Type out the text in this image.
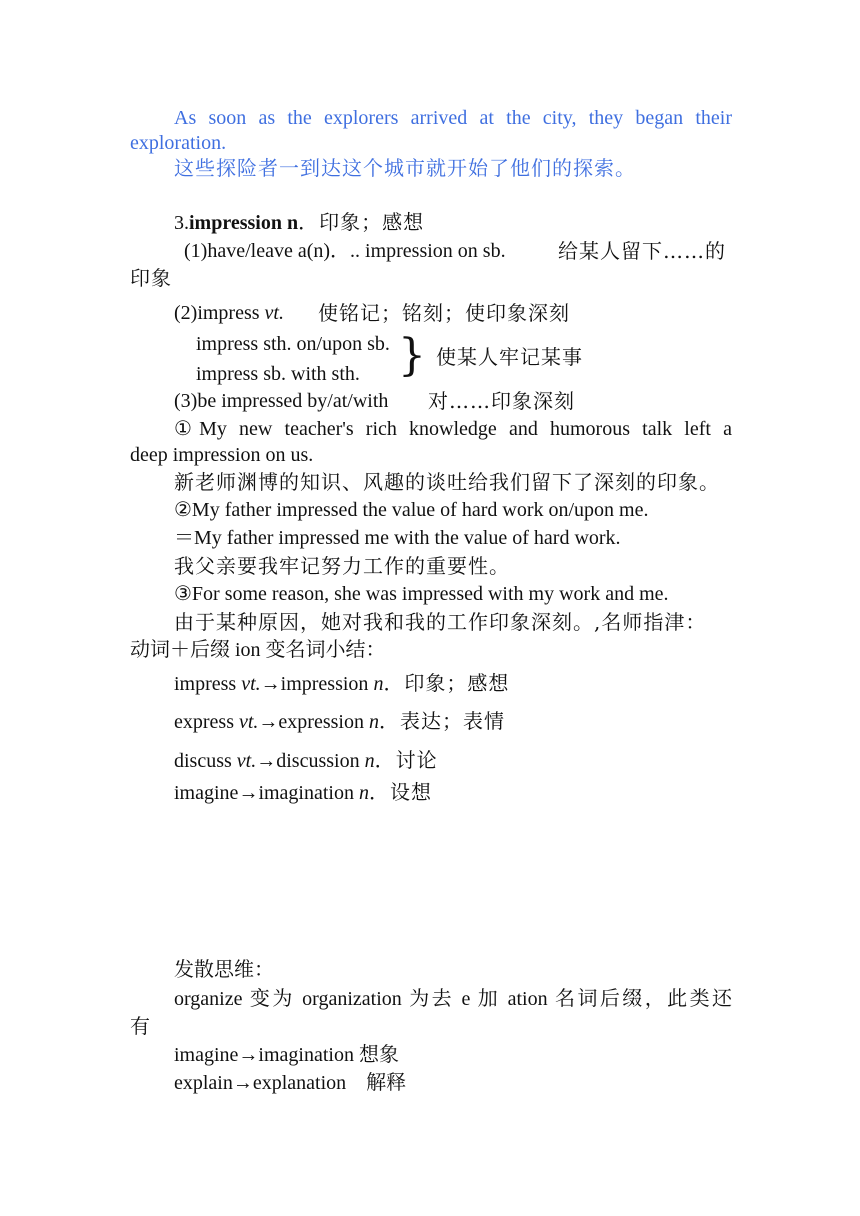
As soon as the explorers arrived at the city, they began their
exploration.
这些探险者一到达这个城市就开始了他们的探索。
3.impression n．印象；感想
(1)have/leave a(n)．.. impression on sb.	给某人留下……的
印象
(2)impress vt. 使铭记；铭刻；使印象深刻
impress sth. on/upon sb.
impress sb. with sth. } 使某人牢记某事
(3)be impressed by/at/with 对……印象深刻
①My new teacher's rich knowledge and humorous talk left a
deep impression on us.
新老师渊博的知识、风趣的谈吐给我们留下了深刻的印象。
②My father impressed the value of hard work on/upon me.
＝My father impressed me with the value of hard work.
我父亲要我牢记努力工作的重要性。
③For some reason, she was impressed with my work and me.
由于某种原因，她对我和我的工作印象深刻。,名师指津：
动词＋后缀 ion 变名词小结：
impress vt.→impression n．印象；感想
express vt.→expression n．表达；表情
discuss vt.→discussion n．讨论
imagine→imagination n．设想
发散思维：
organize 变为 organization 为去 e 加 ation 名词后缀，此类还
有
imagine→imagination 想象
explain→explanation　解释
